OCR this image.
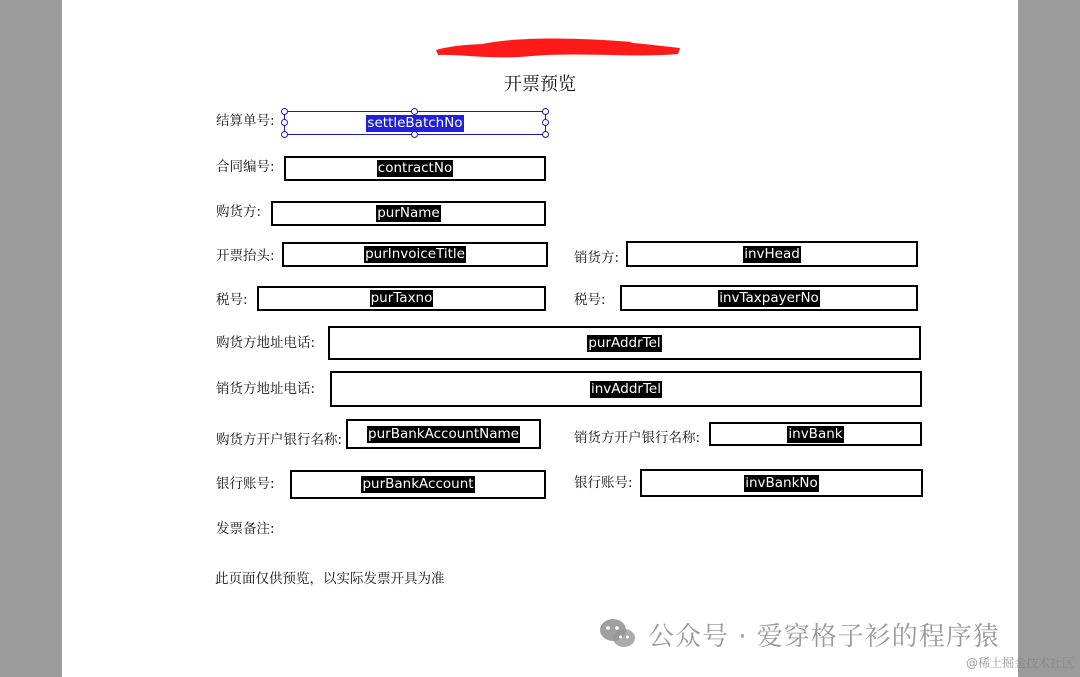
开票预览
结算单号:	settleBatchNo
合同编号:	contractNo
购货方:	purName
开票抬头:	purInvoiceTitle	销货方:	invHead
税号:	purTaxno	税号:	invTaxpayerNo
购货方地址电话:	purAddrTel
销货方地址电话:	invAddrTel
购货方开户银行名称: purBankAccountName	销货方开户银行名称:	invBank
银行账号:	purBankAccount	银行账号:	invBankNo
发票备注:
此页面仅供预览，以实际发票开具为准
公众号 · 爱穿格子衫的程序猿
@稀土掘金技术社区
